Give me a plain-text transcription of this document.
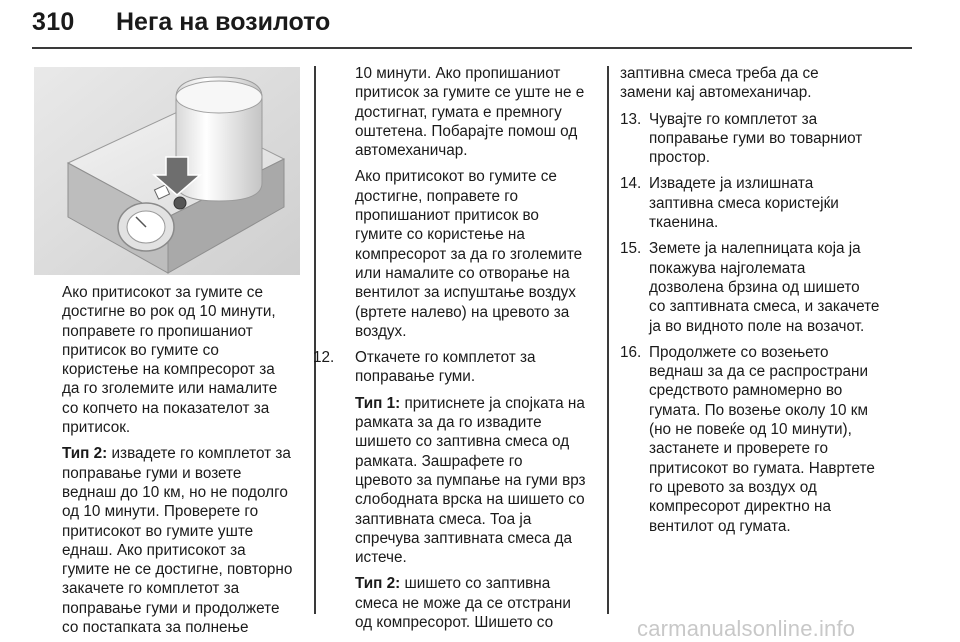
310 Нега на возилото

Ако притисокот за гумите се
достигне во рок од 10 минути,
поправете го пропишаниот
притисок во гумите со
користење на компресорот за
да го зголемите или намалите
со копчето на показателот за
притисок.

Тип 2: извадете го комплетот за
поправање гуми и возете
веднаш до 10 км, но не подолго
од 10 минути. Проверете го
притисокот во гумите уште
еднаш. Ако притисокот за
гумите не се достигне, повторно
закачете го комплетот за
поправање гуми и продолжете
со постапката за полнење

10 минути. Ако пропишаниот
притисок за гумите се уште не е
достигнат, гумата е премногу
оштетена. Побарајте помош од
автомеханичар.

Ако притисокот во гумите се
достигне, поправете го
пропишаниот притисок во
гумите со користење на
компресорот за да го зголемите
или намалите со отворање на
вентилот за испуштање воздух
(вртете налево) на цревото за
воздух.

12. Откачете го комплетот за
поправање гуми.

Тип 1: притиснете ја спојката на
рамката за да го извадите
шишето со заптивна смеса од
рамката. Зашрафете го
цревото за пумпање на гуми врз
слободната врска на шишето со
заптивната смеса. Тоа ја
спречува заптивната смеса да
истече.

Тип 2: шишето со заптивна
смеса не може да се отстрани
од компресорот. Шишето со

заптивна смеса треба да се
замени кај автомеханичар.

13. Чувајте го комплетот за
поправање гуми во товарниот
простор.
14. Извадете ја излишната
заптивна смеса користејќи
ткаенина.
15. Земете ја налепницата која ја
покажува најголемата
дозволена брзина од шишето
со заптивната смеса, и закачете
ја во видното поле на возачот.
16. Продолжете со возењето
веднаш за да се распространи
средството рамномерно во
гумата. По возење околу 10 км
(но не повеќе од 10 минути),
застанете и проверете го
притисокот во гумата. Навртете
го цревото за воздух од
компресорот директно на
вентилот од гумата.
carmanualsonline.info
